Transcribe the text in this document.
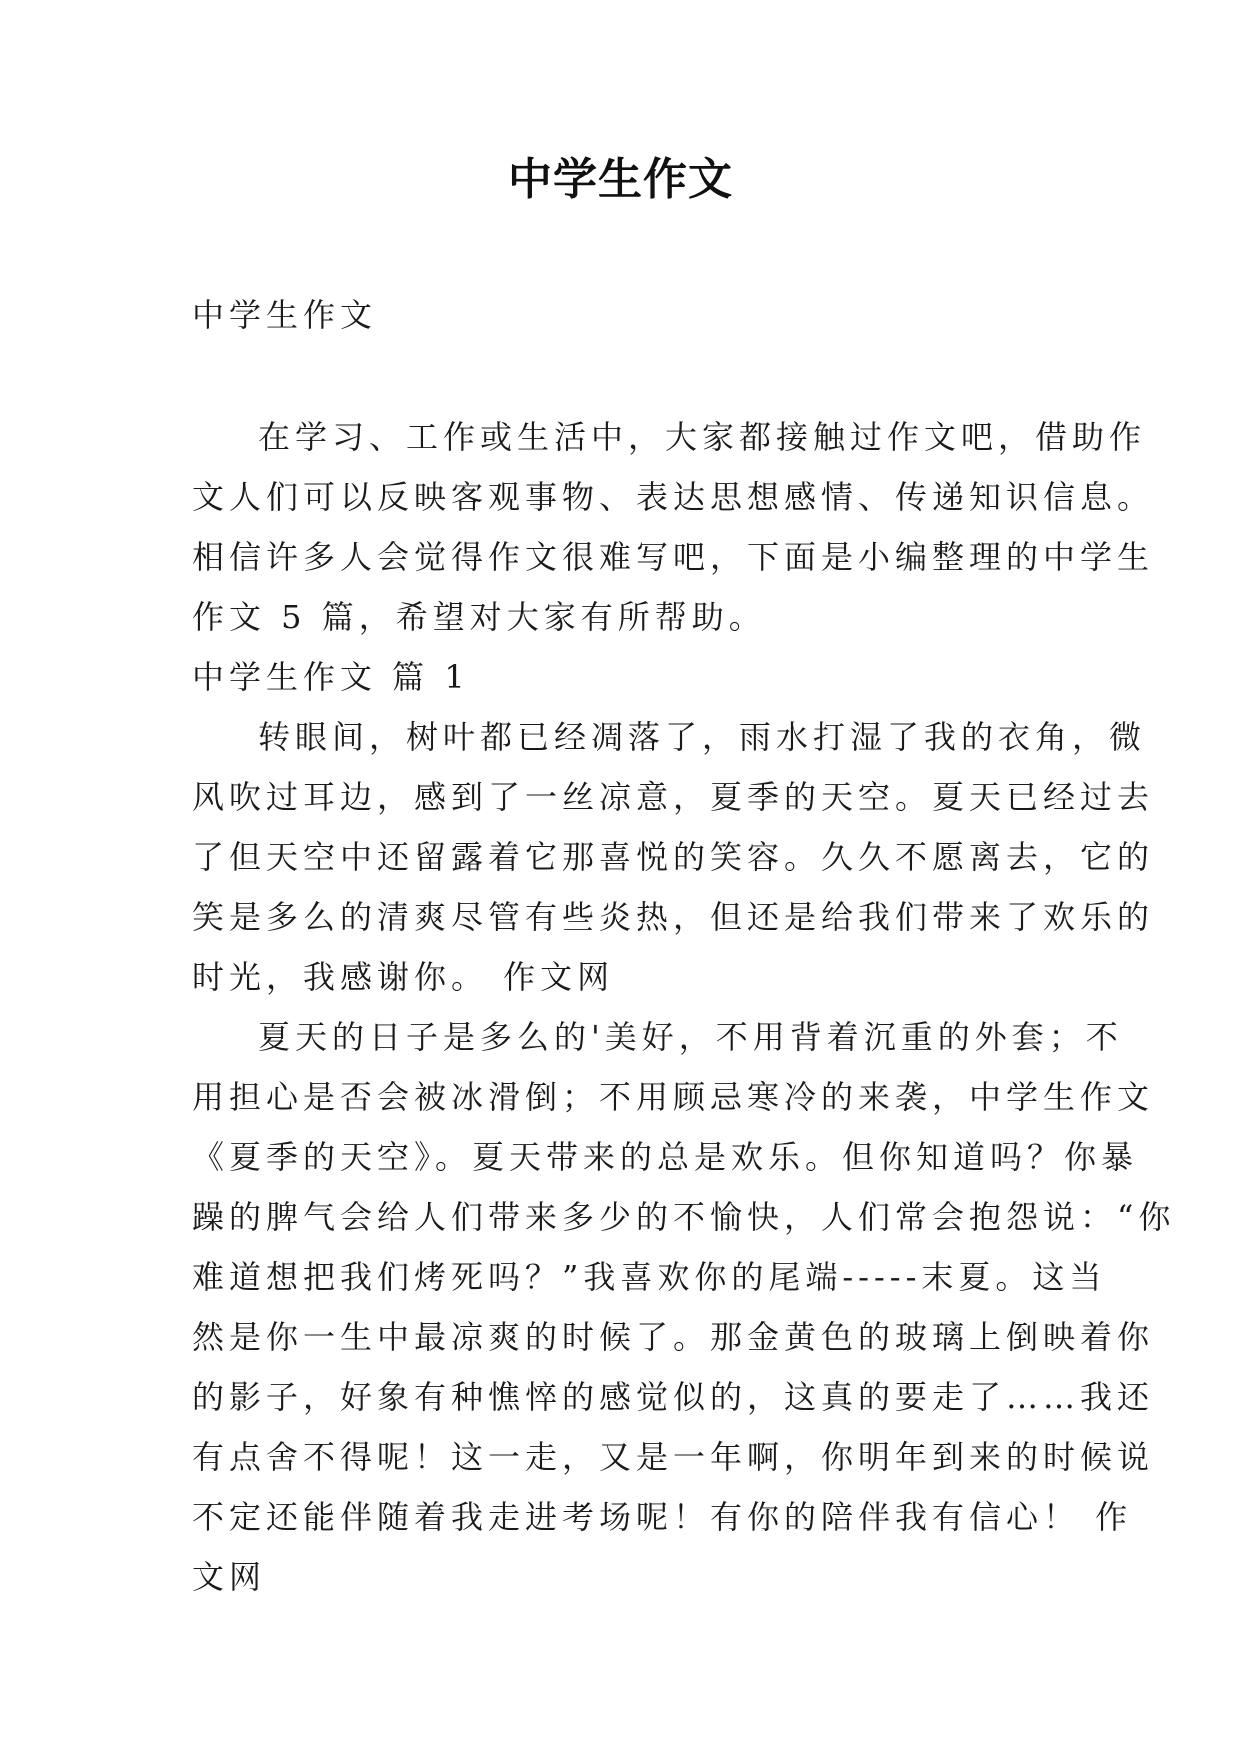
中学生作文
中学生作文
在学习、工作或生活中，大家都接触过作文吧，借助作
文人们可以反映客观事物、表达思想感情、传递知识信息。
相信许多人会觉得作文很难写吧，下面是小编整理的中学生
作文 5 篇，希望对大家有所帮助。
中学生作文 篇 1
转眼间，树叶都已经凋落了，雨水打湿了我的衣角，微
风吹过耳边，感到了一丝凉意，夏季的天空。夏天已经过去
了但天空中还留露着它那喜悦的笑容。久久不愿离去，它的
笑是多么的清爽尽管有些炎热，但还是给我们带来了欢乐的
时光，我感谢你。 作文网
夏天的日子是多么的'美好，不用背着沉重的外套；不
用担心是否会被冰滑倒；不用顾忌寒冷的来袭，中学生作文
《夏季的天空》。夏天带来的总是欢乐。但你知道吗？你暴
躁的脾气会给人们带来多少的不愉快，人们常会抱怨说：“你
难道想把我们烤死吗？”我喜欢你的尾端-----末夏。这当
然是你一生中最凉爽的时候了。那金黄色的玻璃上倒映着你
的影子，好象有种憔悴的感觉似的，这真的要走了……我还
有点舍不得呢！这一走，又是一年啊，你明年到来的时候说
不定还能伴随着我走进考场呢！有你的陪伴我有信心！ 作
文网
